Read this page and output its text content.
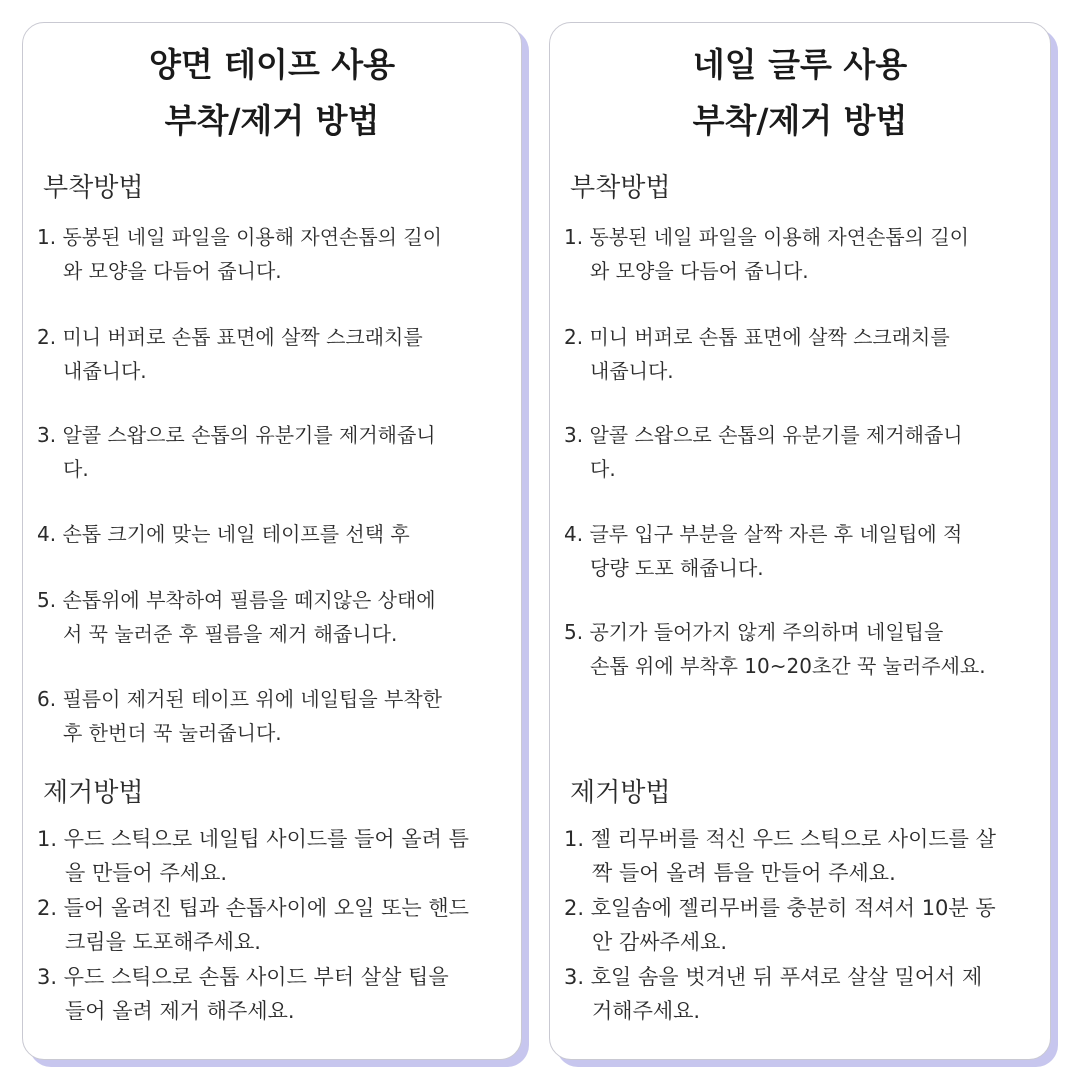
양면 테이프 사용
부착/제거 방법
부착방법
1. 동봉된 네일 파일을 이용해 자연손톱의 길이
와 모양을 다듬어 줍니다.
2. 미니 버퍼로 손톱 표면에 살짝 스크래치를
내줍니다.
3. 알콜 스왑으로 손톱의 유분기를 제거해줍니
다.
4. 손톱 크기에 맞는 네일 테이프를 선택 후
5. 손톱위에 부착하여 필름을 떼지않은 상태에
서 꾹 눌러준 후 필름을 제거 해줍니다.
6. 필름이 제거된 테이프 위에 네일팁을 부착한
후 한번더 꾹 눌러줍니다.
제거방법
1. 우드 스틱으로 네일팁 사이드를 들어 올려 틈
을 만들어 주세요.
2. 들어 올려진 팁과 손톱사이에 오일 또는 핸드
크림을 도포해주세요.
3. 우드 스틱으로 손톱 사이드 부터 살살 팁을
들어 올려 제거 해주세요.
네일 글루 사용
부착/제거 방법
부착방법
1. 동봉된 네일 파일을 이용해 자연손톱의 길이
와 모양을 다듬어 줍니다.
2. 미니 버퍼로 손톱 표면에 살짝 스크래치를
내줍니다.
3. 알콜 스왑으로 손톱의 유분기를 제거해줍니
다.
4. 글루 입구 부분을 살짝 자른 후 네일팁에 적
당량 도포 해줍니다.
5. 공기가 들어가지 않게 주의하며 네일팁을
손톱 위에 부착후 10~20초간 꾹 눌러주세요.
제거방법
1. 젤 리무버를 적신 우드 스틱으로 사이드를 살
짝 들어 올려 틈을 만들어 주세요.
2. 호일솜에 젤리무버를 충분히 적셔서 10분 동
안 감싸주세요.
3. 호일 솜을 벗겨낸 뒤 푸셔로 살살 밀어서 제
거해주세요.
